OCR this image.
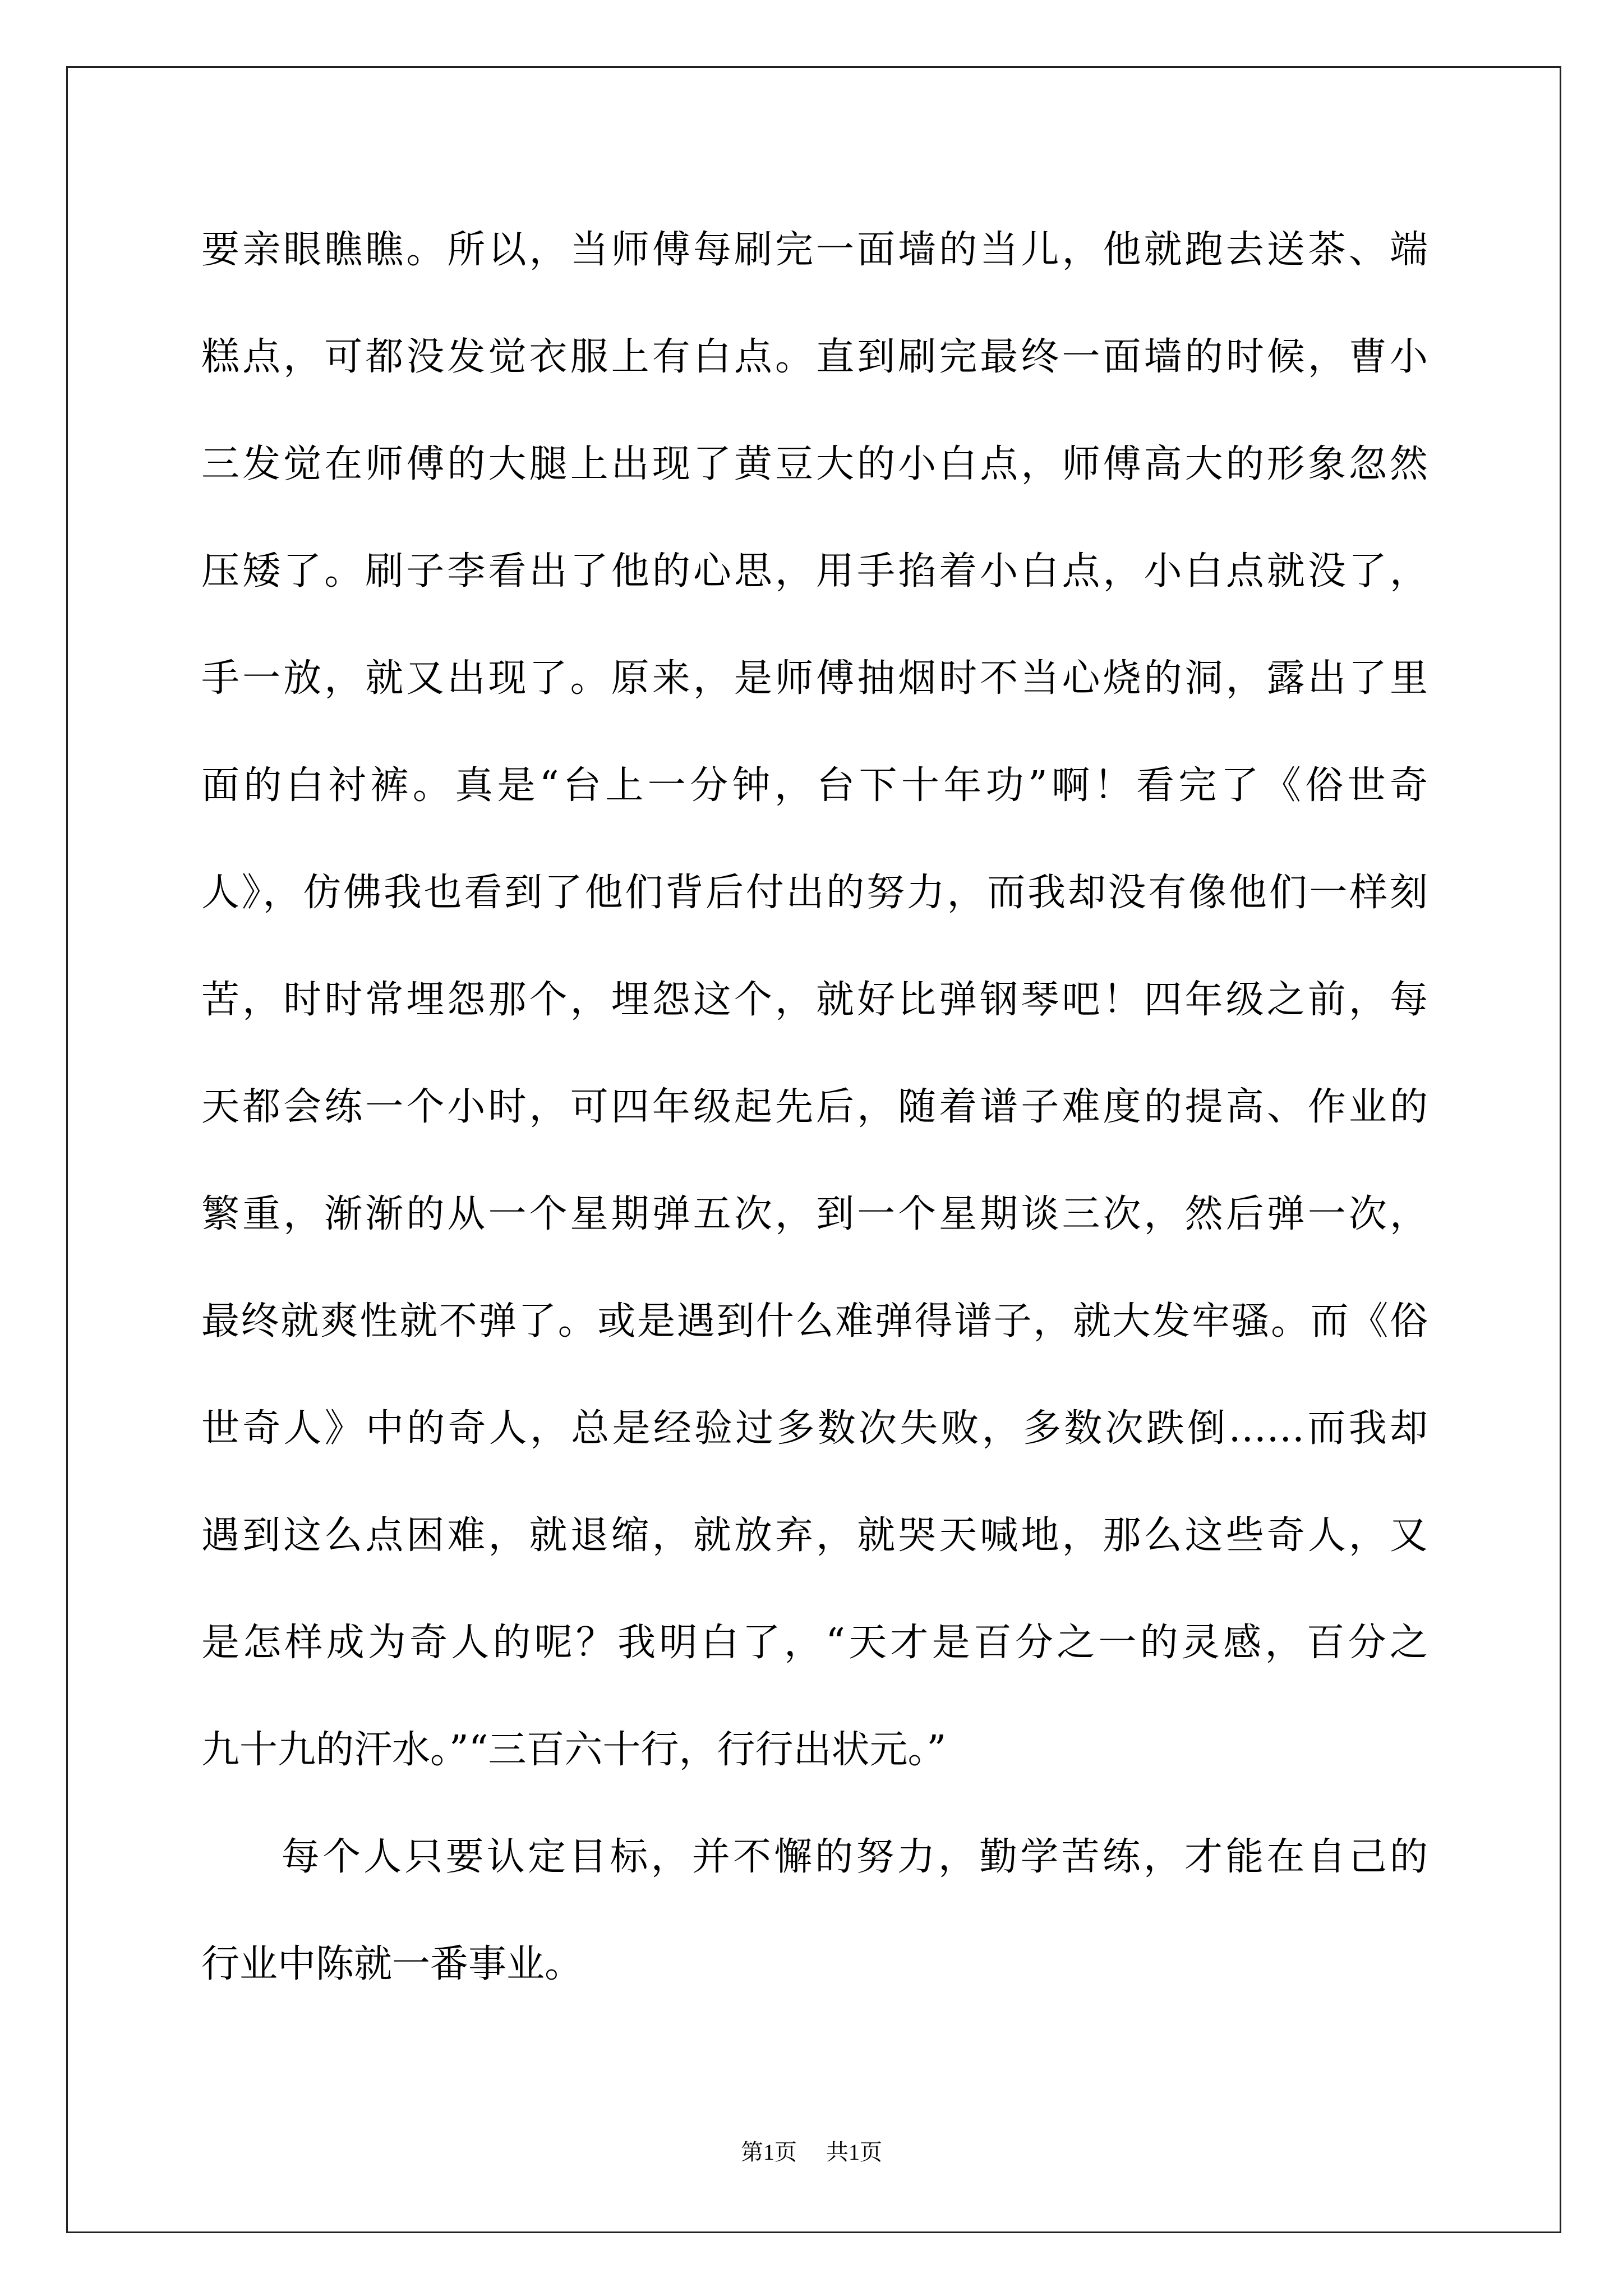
要亲眼瞧瞧。所以，当师傅每刷完一面墙的当儿，他就跑去送茶、端
糕点，可都没发觉衣服上有白点。直到刷完最终一面墙的时候，曹小
三发觉在师傅的大腿上出现了黄豆大的小白点，师傅高大的形象忽然
压矮了。刷子李看出了他的心思，用手掐着小白点，小白点就没了，
手一放，就又出现了。原来，是师傅抽烟时不当心烧的洞，露出了里
面的白衬裤。真是“台上一分钟，台下十年功”啊！看完了《俗世奇
人》，仿佛我也看到了他们背后付出的努力，而我却没有像他们一样刻
苦，时时常埋怨那个，埋怨这个，就好比弹钢琴吧！四年级之前，每
天都会练一个小时，可四年级起先后，随着谱子难度的提高、作业的
繁重，渐渐的从一个星期弹五次，到一个星期谈三次，然后弹一次，
最终就爽性就不弹了。或是遇到什么难弹得谱子，就大发牢骚。而《俗
世奇人》中的奇人，总是经验过多数次失败，多数次跌倒……而我却
遇到这么点困难，就退缩，就放弃，就哭天喊地，那么这些奇人，又
是怎样成为奇人的呢？我明白了，“天才是百分之一的灵感，百分之
九十九的汗水。”“三百六十行，行行出状元。”
每个人只要认定目标，并不懈的努力，勤学苦练，才能在自己的
行业中陈就一番事业。
第1页 共1页
